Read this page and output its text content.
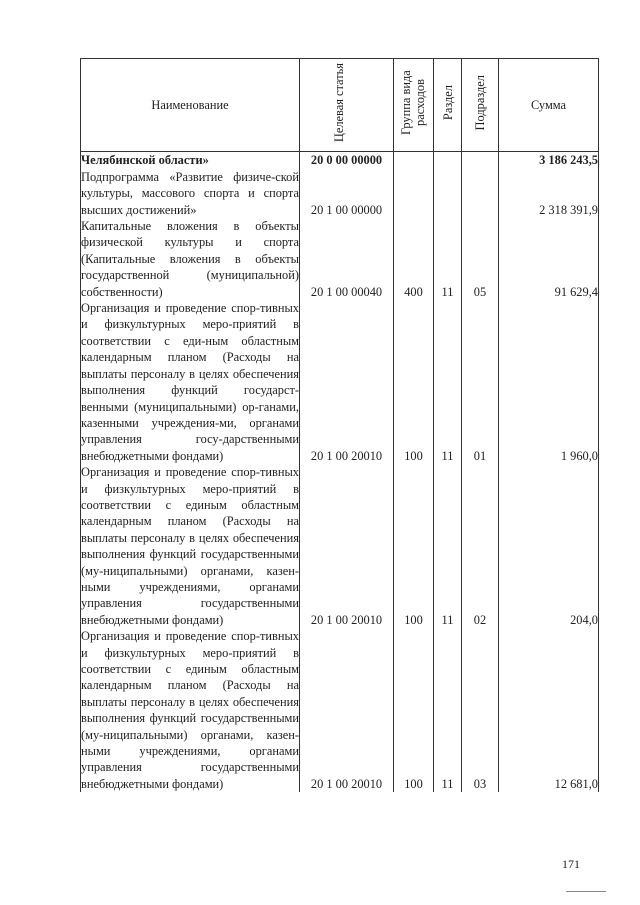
Наименование	Целевая статья	Группа вида расходов	Раздел	Подраздел	Сумма
Челябинской области»	20 0 00 00000				3 186 243,5
Подпрограмма «Развитие физиче-ской культуры, массового спорта и спорта высших достижений»	20 1 00 00000				2 318 391,9
Капитальные вложения в объекты физической культуры и спорта (Капитальные вложения в объекты государственной (муниципальной) собственности)	20 1 00 00040	400	11	05	91 629,4
Организация и проведение спор-тивных и физкультурных меро-приятий в соответствии с еди-ным областным календарным планом (Расходы на выплаты персоналу в целях обеспечения выполнения функций государст-венными (муниципальными) ор-ганами, казенными учреждения-ми, органами управления госу-дарственными внебюджетными фондами)	20 1 00 20010	100	11	01	1 960,0
Организация и проведение спор-тивных и физкультурных меро-приятий в соответствии с единым областным календарным планом (Расходы на выплаты персоналу в целях обеспечения выполнения функций государственными (му-ниципальными) органами, казен-ными учреждениями, органами управления государственными внебюджетными фондами)	20 1 00 20010	100	11	02	204,0
Организация и проведение спор-тивных и физкультурных меро-приятий в соответствии с единым областным календарным планом (Расходы на выплаты персоналу в целях обеспечения выполнения функций государственными (му-ниципальными) органами, казен-ными учреждениями, органами управления государственными внебюджетными фондами)	20 1 00 20010	100	11	03	12 681,0
171
